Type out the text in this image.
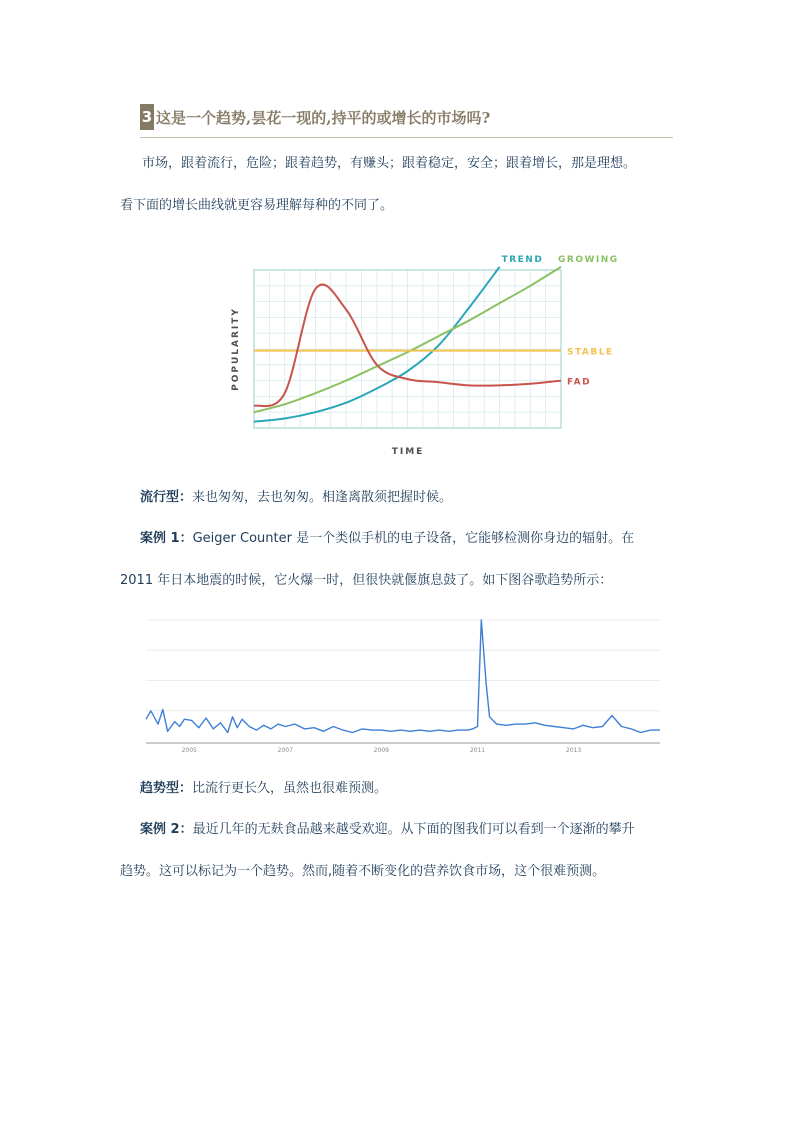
3 这是一个趋势,昙花一现的,持平的或增长的市场吗?
市场，跟着流行，危险；跟着趋势，有赚头；跟着稳定，安全；跟着增长，那是理想。
看下面的增长曲线就更容易理解每种的不同了。
TREND GROWING
STABLE
FAD
POPULARITY
TIME
流行型：来也匆匆，去也匆匆。相逢离散须把握时候。
案例 1：Geiger Counter 是一个类似手机的电子设备，它能够检测你身边的辐射。在
2011 年日本地震的时候，它火爆一时，但很快就偃旗息鼓了。如下图谷歌趋势所示：
2005	2007	2009	2011	2013
趋势型：比流行更长久，虽然也很难预测。
案例 2：最近几年的无麸食品越来越受欢迎。从下面的图我们可以看到一个逐渐的攀升
趋势。这可以标记为一个趋势。然而,随着不断变化的营养饮食市场，这个很难预测。
